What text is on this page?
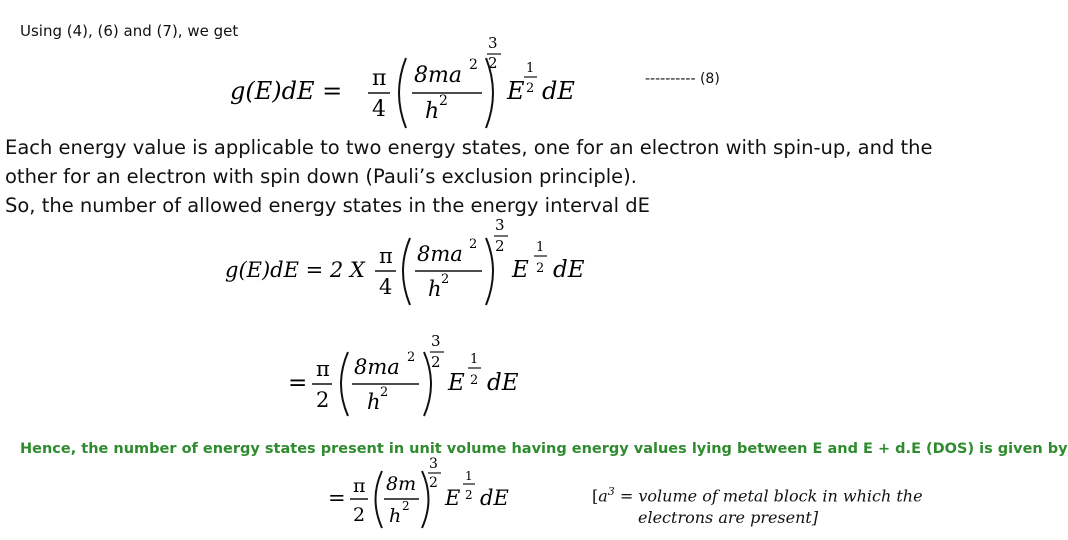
Using (4), (6) and (7), we get
g(E)dE = π
4
8ma 2
h 2
3
2
E
1
2 dE	---------- (8)
Each energy value is applicable to two energy states, one for an electron with spin-up, and the
other for an electron with spin down (Pauli’s exclusion principle).
So, the number of allowed energy states in the energy interval dE
g(E)dE = 2 X
π
4
8ma 2
h 2
3
2
E
1
2 dE
=
π
2
8ma 2
h 2
3
2
E
1
2 dE
Hence, the number of energy states present in unit volume having energy values lying between E and E + d.E (DOS) is given by
= π
2
8m
h 2
3
2
E
1
2 dE	[$a^3$ = volume of metal block in which the
electrons are present]
